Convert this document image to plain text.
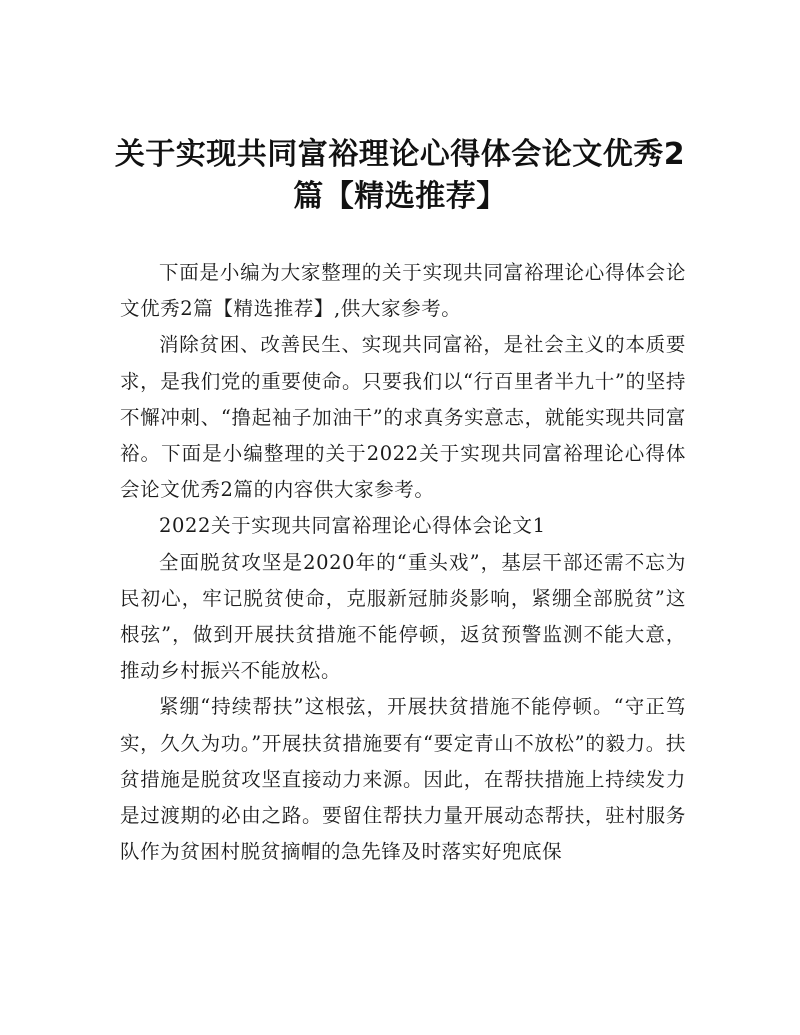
关于实现共同富裕理论心得体会论文优秀2
篇【精选推荐】

下面是小编为大家整理的关于实现共同富裕理论心得体会论文优秀2篇【精选推荐】,供大家参考。

消除贫困、改善民生、实现共同富裕，是社会主义的本质要求，是我们党的重要使命。只要我们以“行百里者半九十”的坚持不懈冲刺、“撸起袖子加油干”的求真务实意志，就能实现共同富裕。下面是小编整理的关于2022关于实现共同富裕理论心得体会论文优秀2篇的内容供大家参考。

2022关于实现共同富裕理论心得体会论文1

全面脱贫攻坚是2020年的“重头戏”，基层干部还需不忘为民初心，牢记脱贫使命，克服新冠肺炎影响，紧绷全部脱贫”这根弦”，做到开展扶贫措施不能停顿，返贫预警监测不能大意，推动乡村振兴不能放松。

紧绷“持续帮扶”这根弦，开展扶贫措施不能停顿。“守正笃实，久久为功。”开展扶贫措施要有“要定青山不放松”的毅力。扶贫措施是脱贫攻坚直接动力来源。因此，在帮扶措施上持续发力是过渡期的必由之路。要留住帮扶力量开展动态帮扶，驻村服务队作为贫困村脱贫摘帽的急先锋及时落实好兜底保
